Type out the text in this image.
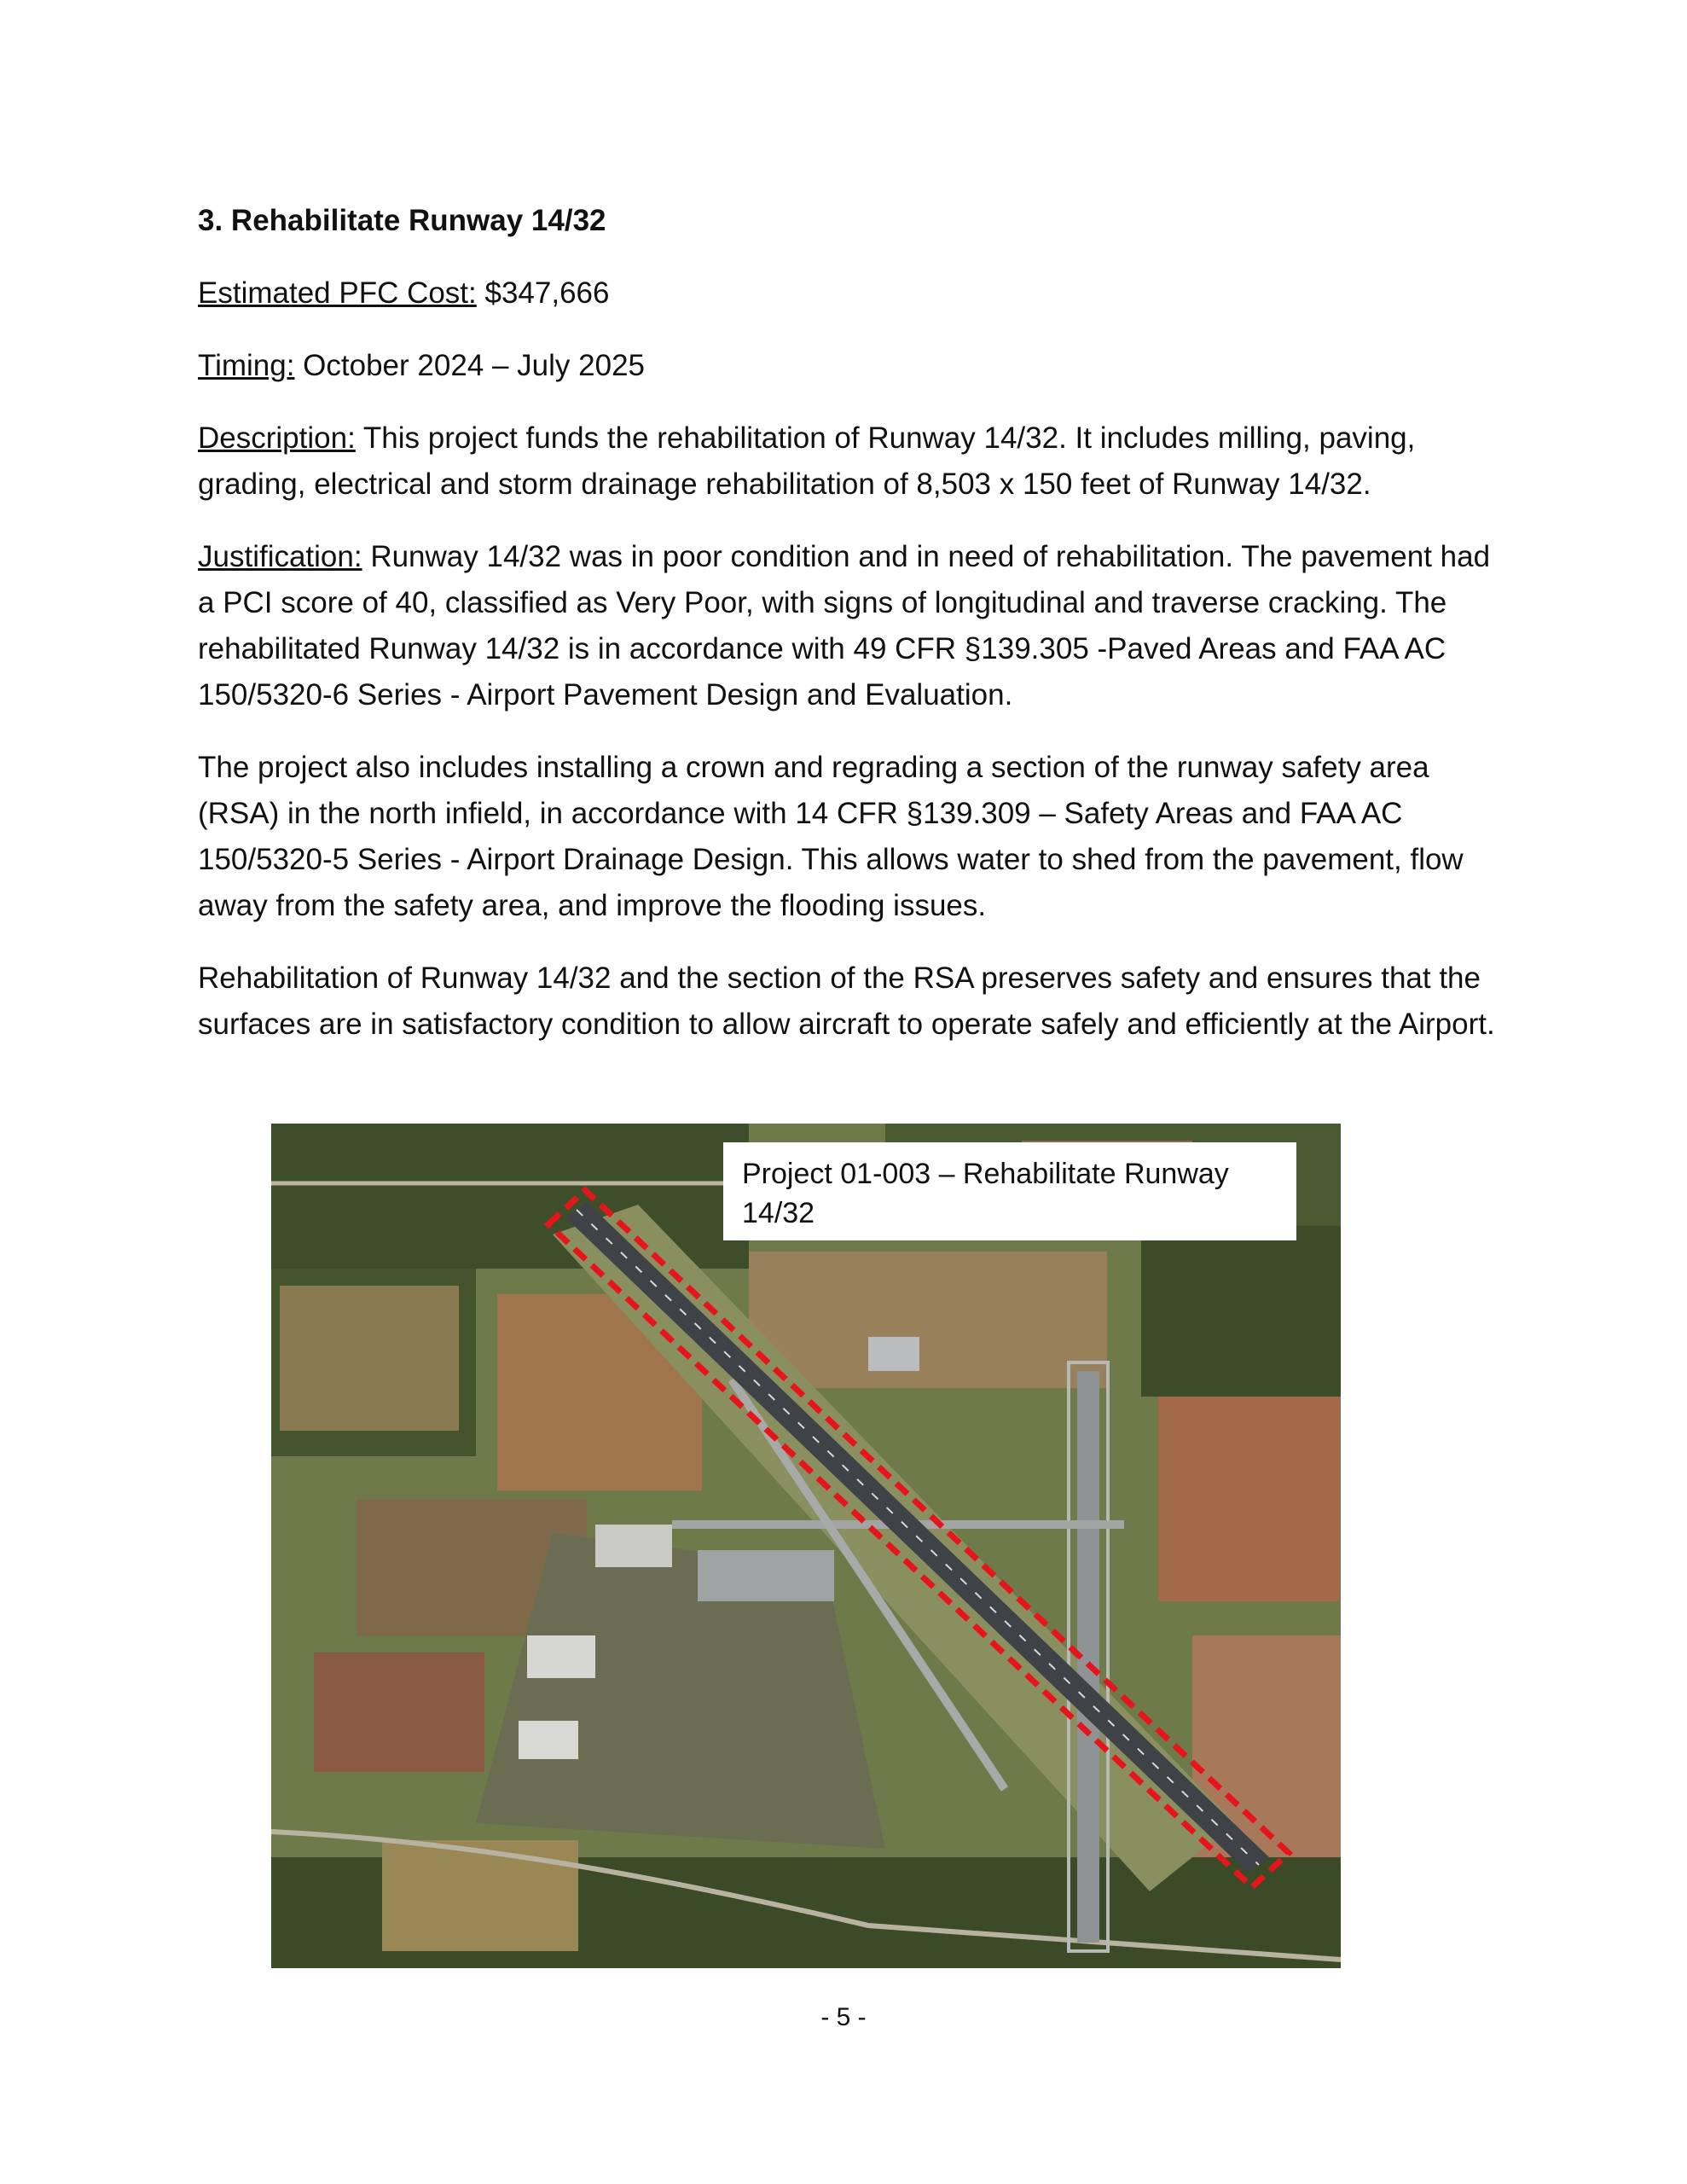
3. Rehabilitate Runway 14/32
Estimated PFC Cost: $347,666
Timing: October 2024 – July 2025
Description: This project funds the rehabilitation of Runway 14/32. It includes milling, paving, grading, electrical and storm drainage rehabilitation of 8,503 x 150 feet of Runway 14/32.
Justification: Runway 14/32 was in poor condition and in need of rehabilitation. The pavement had a PCI score of 40, classified as Very Poor, with signs of longitudinal and traverse cracking. The rehabilitated Runway 14/32 is in accordance with 49 CFR §139.305 -Paved Areas and FAA AC 150/5320-6 Series - Airport Pavement Design and Evaluation.
The project also includes installing a crown and regrading a section of the runway safety area (RSA) in the north infield, in accordance with 14 CFR §139.309 – Safety Areas and FAA AC 150/5320-5 Series - Airport Drainage Design. This allows water to shed from the pavement, flow away from the safety area, and improve the flooding issues.
Rehabilitation of Runway 14/32 and the section of the RSA preserves safety and ensures that the surfaces are in satisfactory condition to allow aircraft to operate safely and efficiently at the Airport.
Project 01-003 – Rehabilitate Runway 14/32
- 5 -
